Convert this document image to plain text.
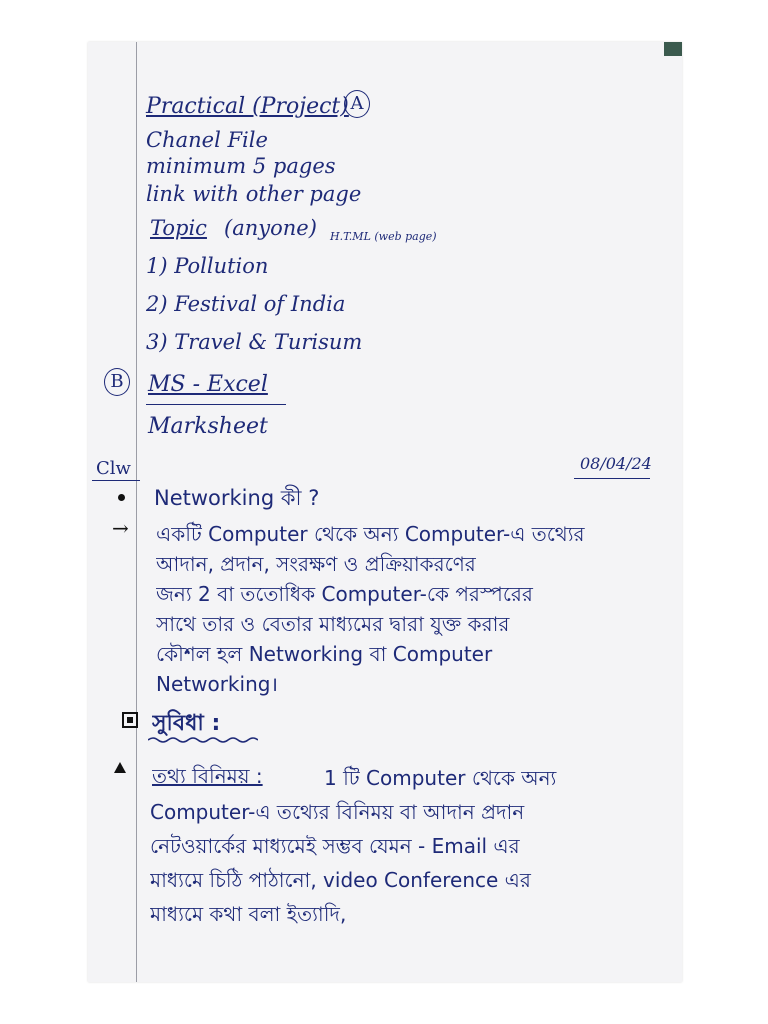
Practical (Project) A
Chanel File
minimum 5 pages
link with other page
Topic (anyone) H.T.ML (web page)
1) Pollution
2) Festival of India
3) Travel & Turisum
B MS - Excel
Marksheet
Clw	08/04/24
Networking কী ?
→ একটি Computer থেকে অন্য Computer-এ তথ্যের
আদান, প্রদান, সংরক্ষণ ও প্রক্রিয়াকরণের
জন্য 2 বা ততোধিক Computer-কে পরস্পরের
সাথে তার ও বেতার মাধ্যমের দ্বারা যুক্ত করার
কৌশল হল Networking বা Computer
Networking।
সুবিধা :
তথ্য বিনিময় :	1 টি Computer থেকে অন্য
Computer-এ তথ্যের বিনিময় বা আদান প্রদান
নেটওয়ার্কের মাধ্যমেই সম্ভব যেমন - Email এর
মাধ্যমে চিঠি পাঠানো, video Conference এর
মাধ্যমে কথা বলা ইত্যাদি,
